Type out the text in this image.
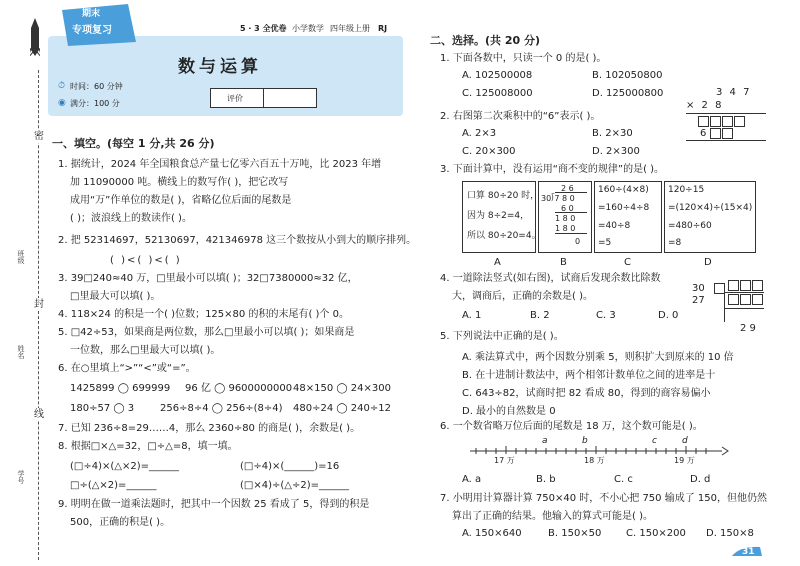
密
封
线
班级
姓名
学号
期末
专项复习	5 · 3 全优卷 小学数学 四年级上册 RJ
数与运算
⏱ 时间：60 分钟
◉ 满分：100 分
评价
一、填空。(每空 1 分,共 26 分)
1. 据统计，2024 年全国粮食总产量七亿零六百五十万吨，比 2023 年增
加 11090000 吨。横线上的数写作( )，把它改写
成用“万”作单位的数是( )，省略亿位后面的尾数是
( )；波浪线上的数读作( )。
2. 把 52314697，52130697，421346978 这三个数按从小到大的顺序排列。
( )<( )<( )
3. 39□240≈40 万，□里最小可以填( )；32□7380000≈32 亿，
□里最大可以填( )。
4. 118×24 的积是一个( )位数；125×80 的积的末尾有( )个 0。
5. □42÷53，如果商是两位数，那么□里最小可以填( )；如果商是
一位数，那么□里最大可以填( )。
6. 在○里填上“>”“<”或“=”。
1425899 ◯ 699999 96 亿 ◯ 9600000000 48×150 ◯ 24×300
180÷57 ◯ 3	256÷8÷4 ◯ 256÷(8÷4) 480÷24 ◯ 240÷12
7. 已知 236÷8=29……4，那么 2360÷80 的商是( )，余数是( )。
8. 根据□×△=32，□÷△=8，填一填。
(□÷4)×(△×2)=______	(□÷4)×(______)=16
□÷(△×2)=______	(□×4)÷(△÷2)=______
9. 明明在做一道乘法题时，把其中一个因数 25 看成了 5，得到的积是
500，正确的积是( )。
二、选择。(共 20 分)
1. 下面各数中，只读一个 0 的是( )。
A. 102500008	B. 102050800
C. 125008000	D. 125000800	3 4 7
× 2 8
6
2. 右图第二次乘积中的“6”表示( )。
A. 2×3	B. 2×30
C. 20×300	D. 2×300
3. 下面计算中，没有运用“商不变的规律”的是( )。
口算 80÷20 时，
因为 8÷2=4，
所以 80÷20=4。
2 6
30⟌7 8 0
6 0
1 8 0
1 8 0
0
160÷(4×8)
=160÷4÷8
=40÷8
=5
120÷15
=(120×4)÷(15×4)
=480÷60
=8
A	B	C	D
4. 一道除法竖式(如右图)，试商后发现余数比除数
大，调商后，正确的余数是( )。
A. 1	B. 2	C. 3	D. 0
30
27
2 9
5. 下列说法中正确的是( )。
A. 乘法算式中，两个因数分别乘 5，则积扩大到原来的 10 倍
B. 在十进制计数法中，两个相邻计数单位之间的进率是十
C. 643÷82，试商时把 82 看成 80，得到的商容易偏小
D. 最小的自然数是 0
6. 一个数省略万位后面的尾数是 18 万，这个数可能是( )。
a	b	c	d
17 万	18 万	19 万
A. a	B. b	C. c	D. d
7. 小明用计算器计算 750×40 时，不小心把 750 输成了 150，但他仍然
算出了正确的结果。他输入的算式可能是( )。
A. 150×640	B. 150×50 C. 150×200 D. 150×8
31
